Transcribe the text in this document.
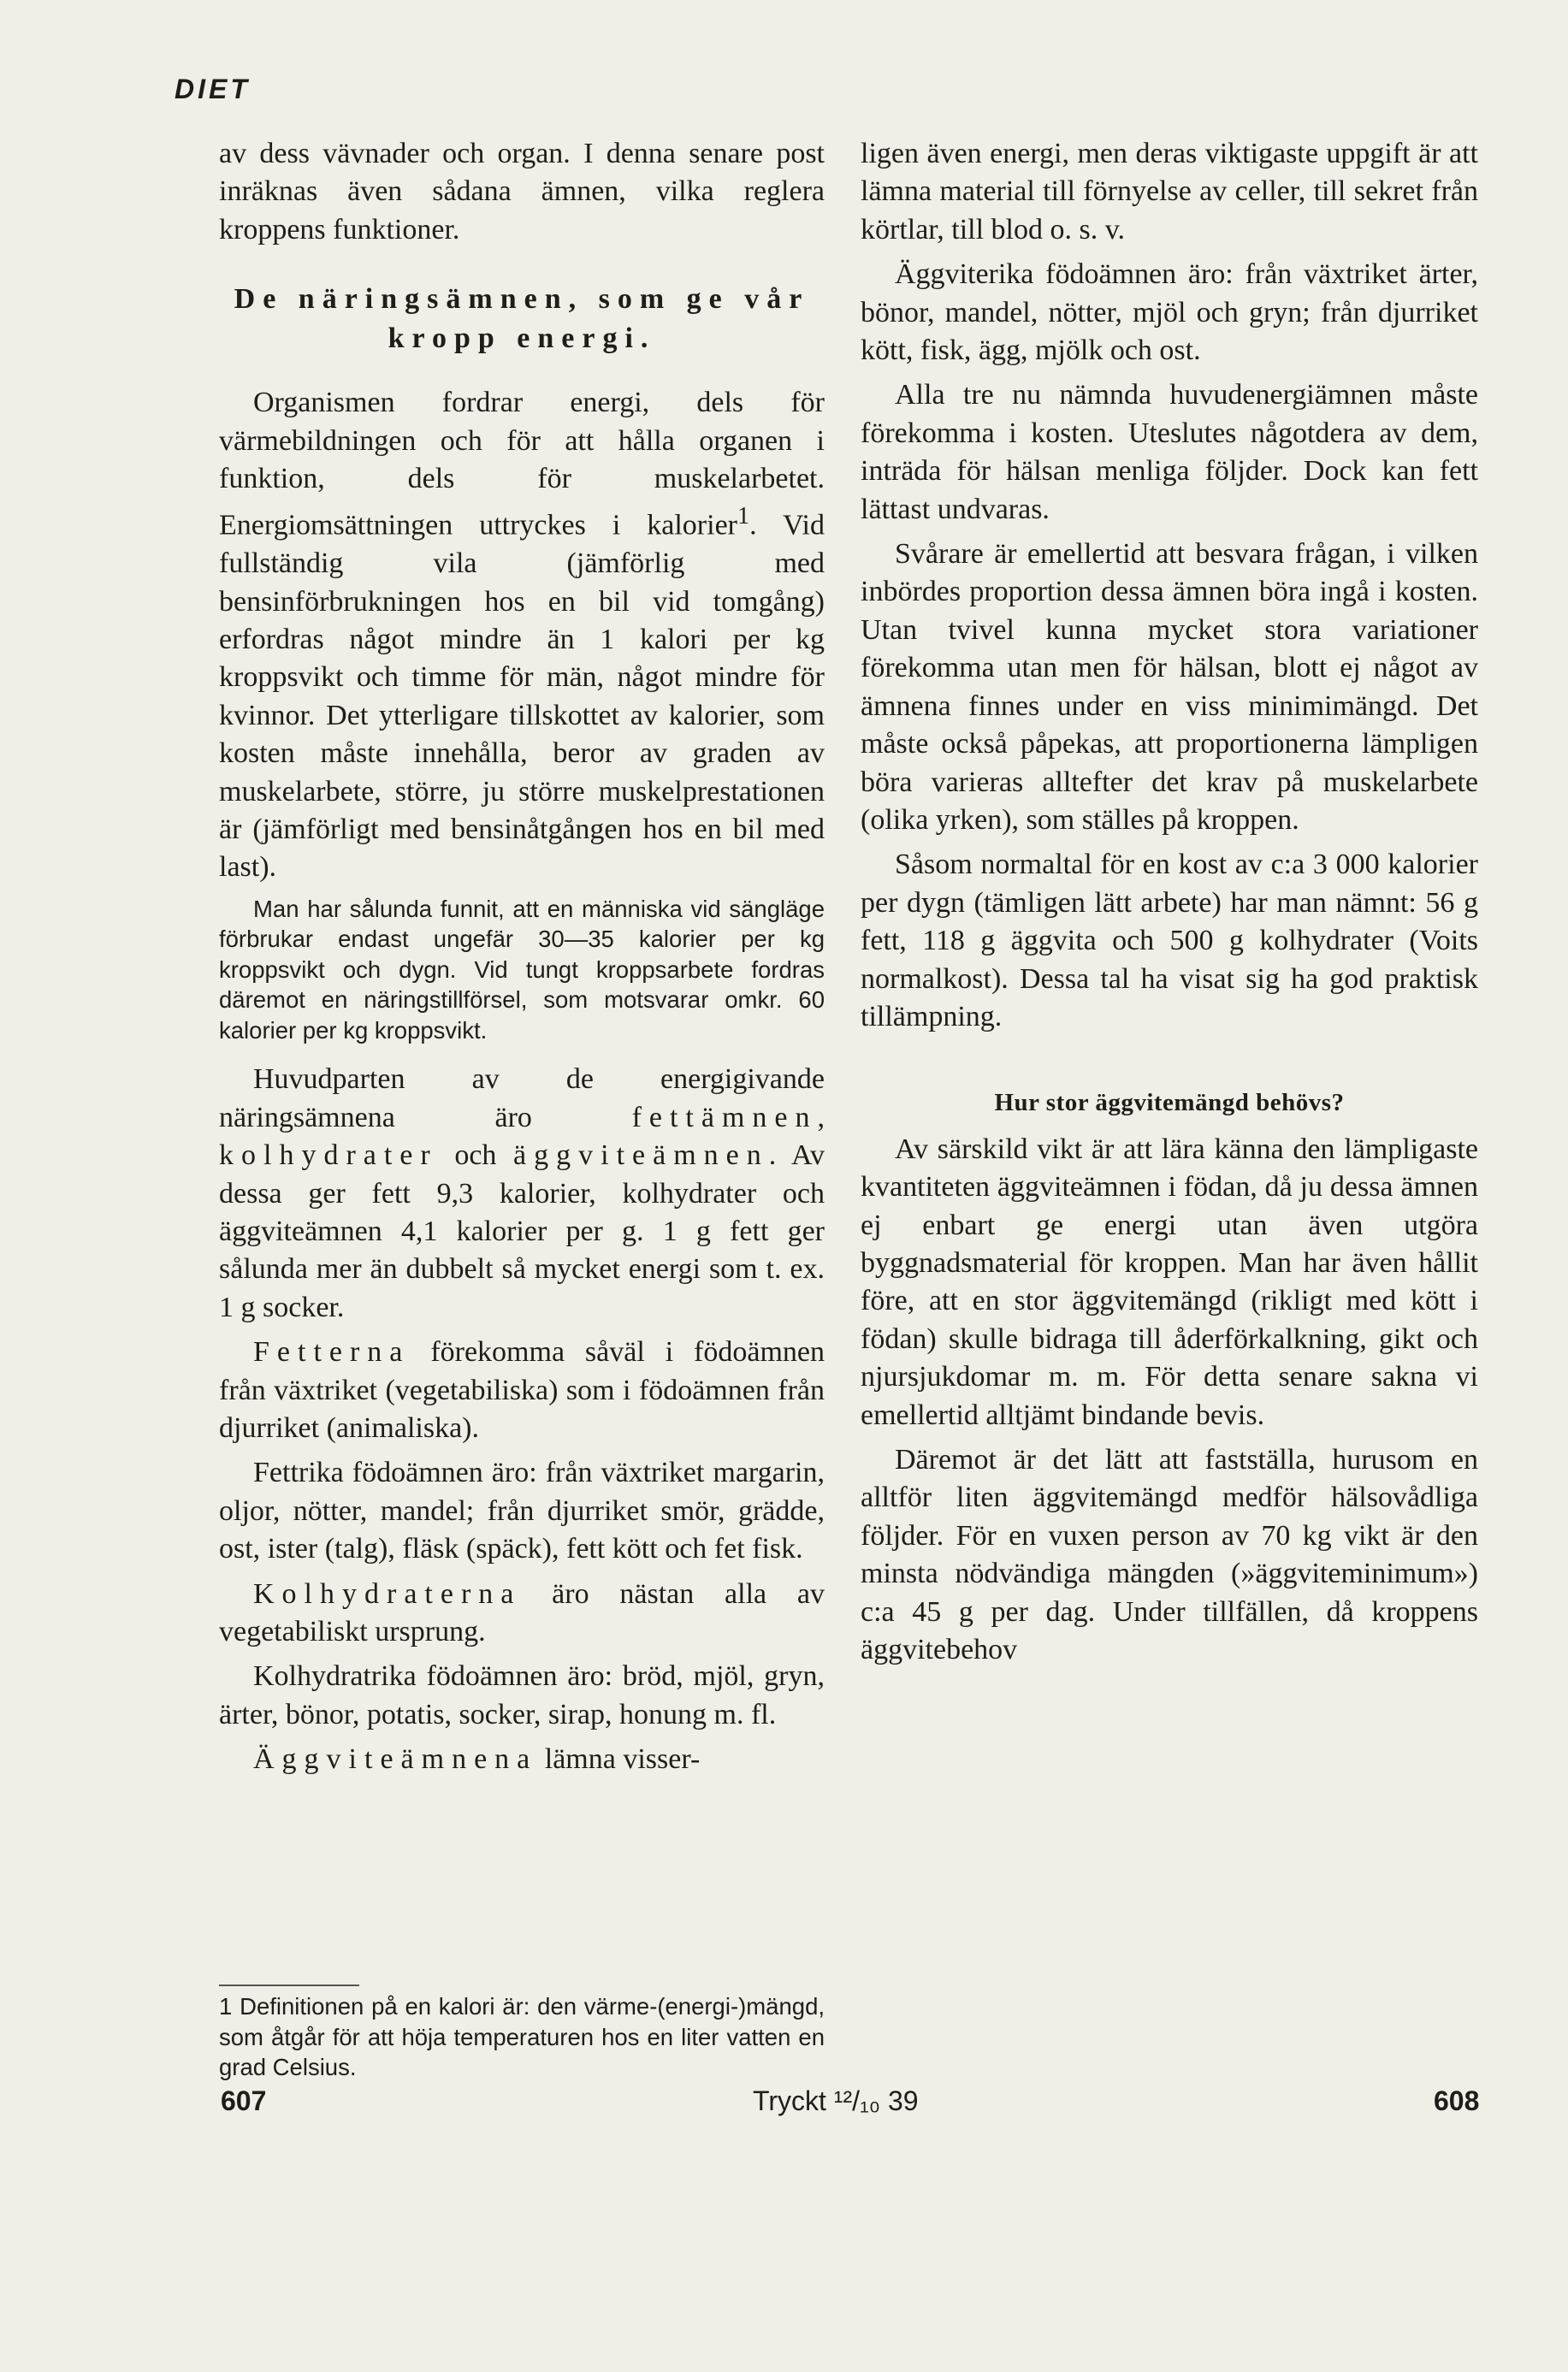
DIET

av dess vävnader och organ. I denna senare post inräknas även sådana ämnen, vilka reglera kroppens funktioner.

De näringsämnen, som ge vår kropp energi.

Organismen fordrar energi, dels för värmebildningen och för att hålla organen i funktion, dels för muskelarbetet. Energiomsättningen uttryckes i kalorier$^1$. Vid fullständig vila (jämförlig med bensinförbrukningen hos en bil vid tomgång) erfordras något mindre än 1 kalori per kg kroppsvikt och timme för män, något mindre för kvinnor. Det ytterligare tillskottet av kalorier, som kosten måste innehålla, beror av graden av muskelarbete, större, ju större muskelprestationen är (jämförligt med bensinåtgången hos en bil med last).

Man har sålunda funnit, att en människa vid sängläge förbrukar endast ungefär 30—35 kalorier per kg kroppsvikt och dygn. Vid tungt kroppsarbete fordras däremot en näringstillförsel, som motsvarar omkr. 60 kalorier per kg kroppsvikt.

Huvudparten av de energigivande näringsämnena äro	fettämnen, kolhydrater och äggviteämnen. Av dessa ger fett 9,3 kalorier, kolhydrater och äggviteämnen 4,1 kalorier per g. 1 g fett ger sålunda mer än dubbelt så mycket energi som t. ex. 1 g socker.

Fetterna förekomma såväl i födoämnen från växtriket (vegetabiliska) som i födoämnen från djurriket (animaliska).

Fettrika födoämnen äro: från växtriket margarin, oljor, nötter, mandel; från djurriket smör, grädde, ost, ister (talg), fläsk (späck), fett kött och fet fisk.

Kolhydraterna äro nästan alla av vegetabiliskt ursprung.

Kolhydratrika födoämnen äro: bröd, mjöl, gryn, ärter, bönor, potatis, socker, sirap, honung m. fl.

Äggviteämnena lämna visser-

1 Definitionen på en kalori är: den värme-(energi-)mängd, som åtgår för att höja temperaturen hos en liter vatten en grad Celsius.

ligen även energi, men deras viktigaste uppgift är att lämna material till förnyelse av celler, till sekret från körtlar, till blod o. s. v.

Äggviterika födoämnen äro: från växtriket ärter, bönor, mandel, nötter, mjöl och gryn; från djurriket kött, fisk, ägg, mjölk och ost.

Alla tre nu nämnda huvudenergiämnen måste förekomma i kosten. Uteslutes någotdera av dem, inträda för hälsan menliga följder. Dock kan fett lättast undvaras.

Svårare är emellertid att besvara frågan, i vilken inbördes proportion dessa ämnen böra ingå i kosten. Utan tvivel kunna mycket stora variationer förekomma utan men för hälsan, blott ej något av ämnena finnes under en viss minimimängd. Det måste också påpekas, att proportionerna lämpligen böra varieras alltefter det krav på muskelarbete (olika yrken), som ställes på kroppen.

Såsom normaltal för en kost av c:a 3 000 kalorier per dygn (tämligen lätt arbete) har man nämnt: 56 g fett, 118 g äggvita och 500 g kolhydrater (Voits normalkost). Dessa tal ha visat sig ha god praktisk tillämpning.

Hur stor äggvitemängd behövs?

Av särskild vikt är att lära känna den lämpligaste kvantiteten äggviteämnen i födan, då ju dessa ämnen ej enbart ge energi utan även utgöra byggnadsmaterial för kroppen. Man har även hållit före, att en stor äggvitemängd (rikligt med kött i födan) skulle bidraga till åderförkalkning, gikt och njursjukdomar m. m. För detta senare sakna vi emellertid alltjämt bindande bevis.

Däremot är det lätt att fastställa, hurusom en alltför liten äggvitemängd medför hälsovådliga följder. För en vuxen person av 70 kg vikt är den minsta nödvändiga mängden (»äggviteminimum») c:a 45 g per dag. Under tillfällen, då kroppens äggvitebehov

607	Tryckt ¹²/₁₀ 39	608
